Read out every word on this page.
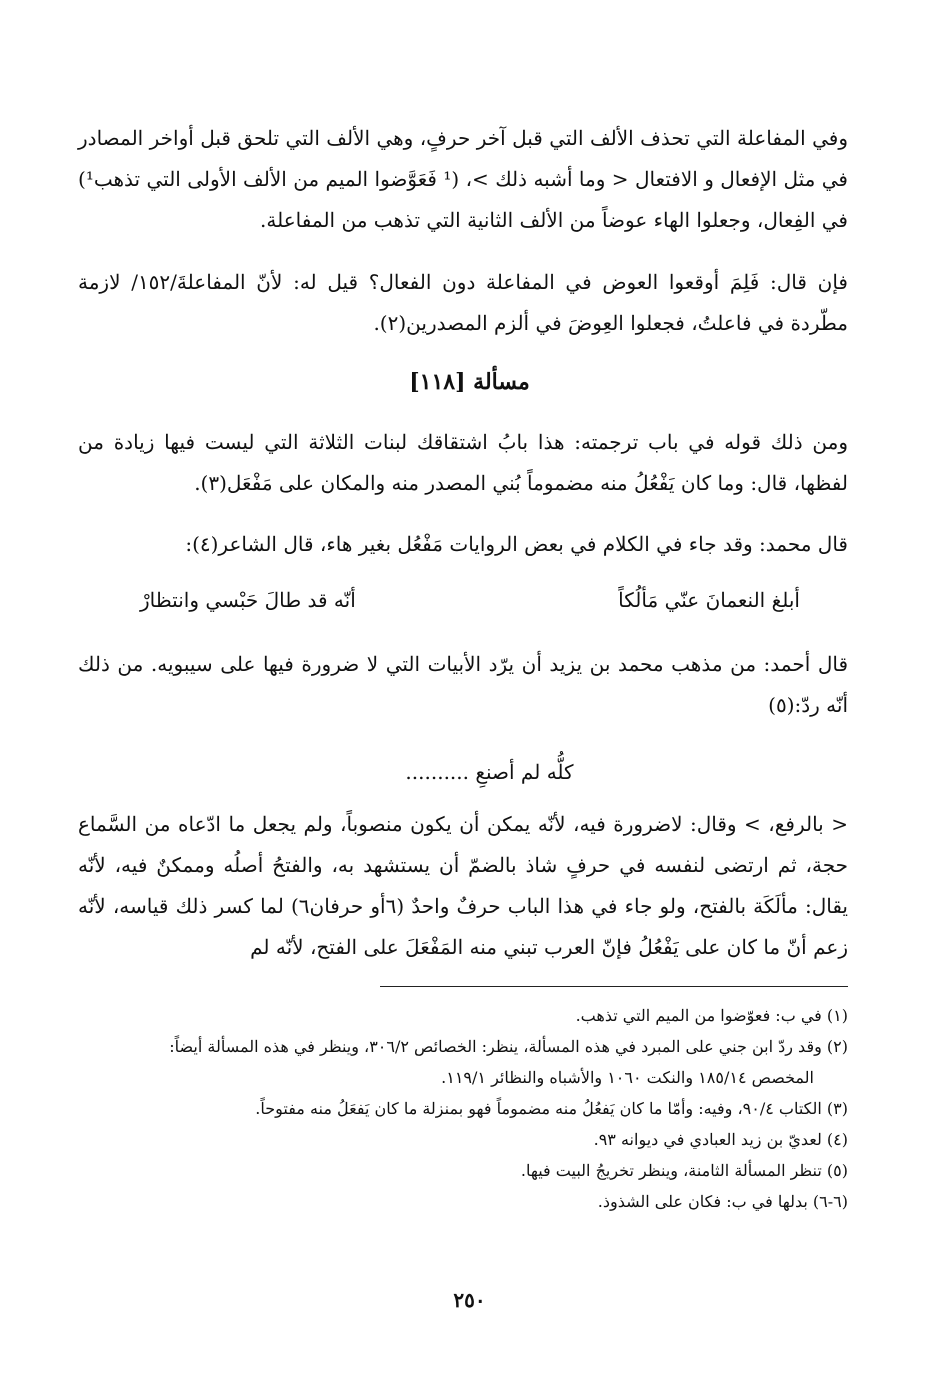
وفي المفاعلة التي تحذف الألف التي قبل آخر حرفٍ، وهي الألف التي تلحق قبل أواخر المصادر في مثل الإفعال و الافتعال < وما أشبه ذلك >، (¹ فَعَوَّضوا الميم من الألف الأولى التي تذهب¹) في الفِعال، وجعلوا الهاء عوضاً من الألف الثانية التي تذهب من المفاعلة.

فإن قال: فَلِمَ أوقعوا العوض في المفاعلة دون الفعال؟ قيل له: لأنّ المفاعلةَ/١٥٢/ لازمة مطّردة في فاعلتُ، فجعلوا العِوضَ في ألزم المصدرين(٢).

مسألة [١١٨]

ومن ذلك قوله في باب ترجمته: هذا بابُ اشتقاقك لبنات الثلاثة التي ليست فيها زيادة من لفظها، قال: وما كان يَفْعُلُ منه مضموماً بُني المصدر منه والمكان على مَفْعَل(٣).

قال محمد: وقد جاء في الكلام في بعض الروايات مَفْعُل بغير هاء، قال الشاعر(٤):

أبلغ النعمانَ عنّي مَألُكاً
أنّه قد طالَ حَبْسي وانتظارْ

قال أحمد: من مذهب محمد بن يزيد أن يرّد الأبيات التي لا ضرورة فيها على سيبويه. من ذلك أنّه ردّ:(٥)

كلُّه لم أصنعِ ..........

< بالرفع، > وقال: لاضرورة فيه، لأنّه يمكن أن يكون منصوباً، ولم يجعل ما ادّعاه من السَّماع حجة، ثم ارتضى لنفسه في حرفٍ شاذ بالضمّ أن يستشهد به، والفتحُ أصلُه وممكنٌ فيه، لأنّه يقال: مألَكَة بالفتح، ولو جاء في هذا الباب حرفٌ واحدٌ (٦أو حرفان٦) لما كسر ذلك قياسه، لأنّه زعم أنّ ما كان على يَفْعُلُ فإنّ العرب تبني منه المَفْعَلَ على الفتح، لأنّه لم

(١) في ب: فعوّضوا من الميم التي تذهب.
(٢) وقد ردّ ابن جني على المبرد في هذه المسألة، ينظر: الخصائص ٣٠٦/٢، وينظر في هذه المسألة أيضاً:
المخصص ١٨٥/١٤ والنكت ١٠٦٠ والأشباه والنظائر ١١٩/١.
(٣) الكتاب ٩٠/٤، وفيه: وأمّا ما كان يَفعُلُ منه مضموماً فهو بمنزلة ما كان يَفعَلُ منه مفتوحاً.
(٤) لعديّ بن زيد العبادي في ديوانه ٩٣.
(٥) تنظر المسألة الثامنة، وينظر تخريجُ البيت فيها.
(٦-٦) بدلها في ب: فكان على الشذوذ.
٢٥٠
